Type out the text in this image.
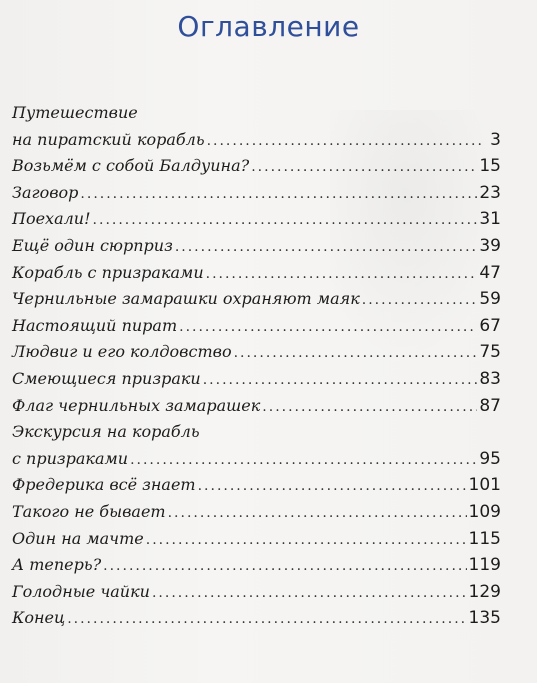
Оглавление
Путешествие
на пиратский корабль .....	3
Возьмём с собой Балдуина? .....	15
Заговор .....	23
Поехали! .....	31
Ещё один сюрприз .....	39
Корабль с призраками .....	47
Чернильные замарашки охраняют маяк .....	59
Настоящий пират .....	67
Людвиг и его колдовство .....	75
Смеющиеся призраки .....	83
Флаг чернильных замарашек .....	87
Экскурсия на корабль
с призраками .....	95
Фредерика всё знает .....	101
Такого не бывает .....	109
Один на мачте .....	115
А теперь? .....	119
Голодные чайки .....	129
Конец .....	135
